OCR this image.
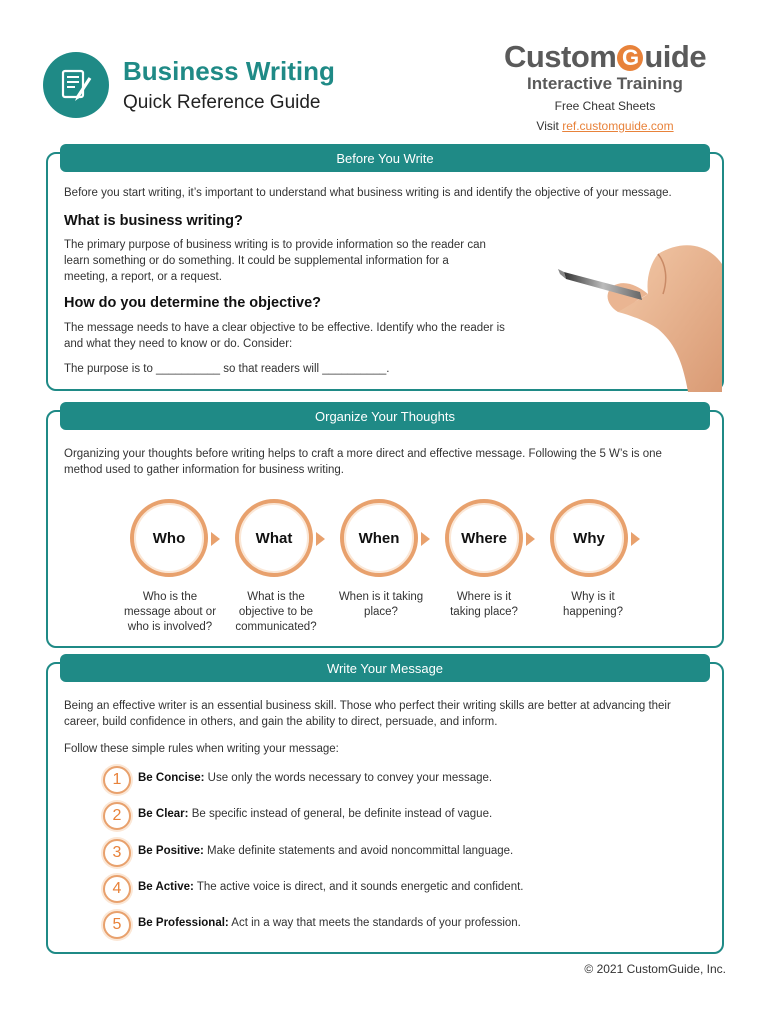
Business Writing
Quick Reference Guide
Custom G uide
Interactive Training
Free Cheat Sheets
Visit ref.customguide.com
Before You Write
Before you start writing, it’s important to understand what business writing is and identify the objective of your message.
What is business writing?
The primary purpose of business writing is to provide information so the reader can
learn something or do something. It could be supplemental information for a
meeting, a report, or a request.
How do you determine the objective?
The message needs to have a clear objective to be effective. Identify who the reader is
and what they need to know or do. Consider:
The purpose is to __________ so that readers will __________.
Organize Your Thoughts
Organizing your thoughts before writing helps to craft a more direct and effective message. Following the 5 W’s is one
method used to gather information for business writing.
Who	What	When	Where	Why
Who is the
message about or
who is involved?
What is the
objective to be
communicated?
When is it taking
place?
Where is it
taking place?
Why is it
happening?
Write Your Message
Being an effective writer is an essential business skill. Those who perfect their writing skills are better at advancing their
career, build confidence in others, and gain the ability to direct, persuade, and inform.
Follow these simple rules when writing your message:
1	Be Concise: Use only the words necessary to convey your message.
2	Be Clear: Be specific instead of general, be definite instead of vague.
3	Be Positive: Make definite statements and avoid noncommittal language.
4	Be Active: The active voice is direct, and it sounds energetic and confident.
5	Be Professional: Act in a way that meets the standards of your profession.
© 2021 CustomGuide, Inc.
